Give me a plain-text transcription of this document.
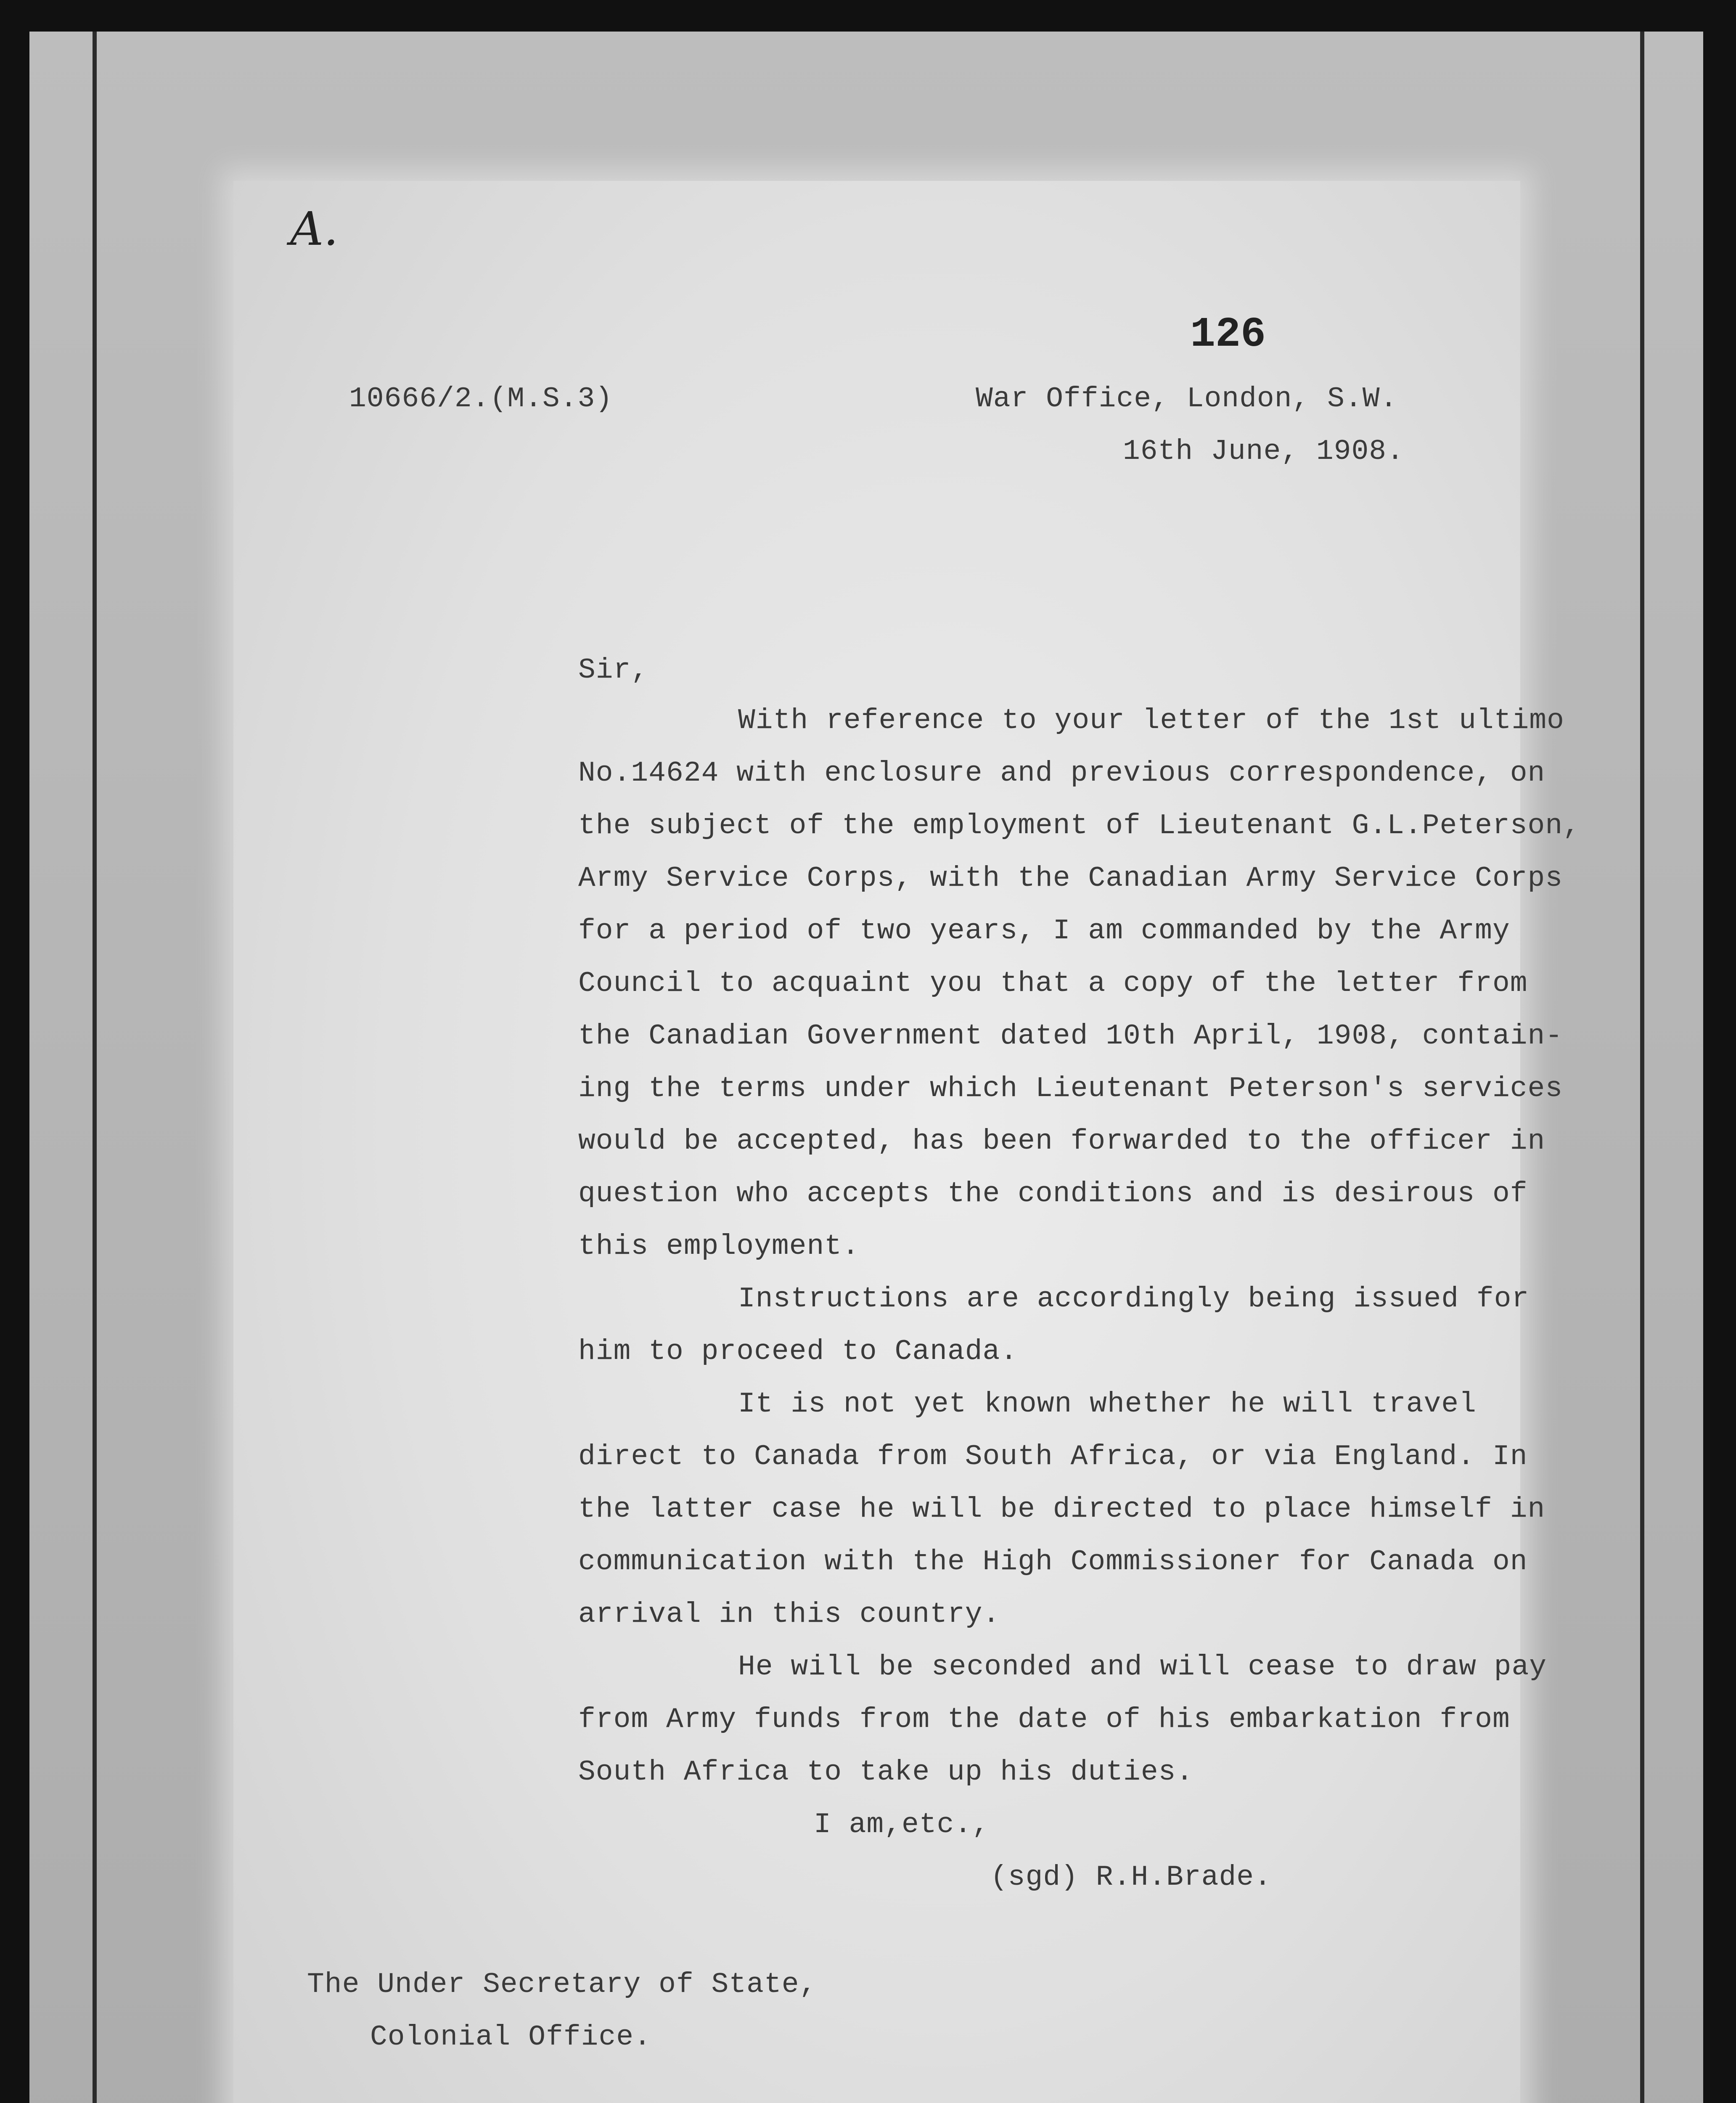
A.
126
10666/2.(M.S.3)	War Office, London, S.W.
16th June, 1908.
Sir,
With reference to your letter of the 1st ultimo
No.14624 with enclosure and previous correspondence, on
the subject of the employment of Lieutenant G.L.Peterson,
Army Service Corps, with the Canadian Army Service Corps
for a period of two years, I am commanded by the Army
Council to acquaint you that a copy of the letter from
the Canadian Government dated 10th April, 1908, contain-
ing the terms under which Lieutenant Peterson's services
would be accepted, has been forwarded to the officer in
question who accepts the conditions and is desirous of
this employment.
Instructions are accordingly being issued for
him to proceed to Canada.
It is not yet known whether he will travel
direct to Canada from South Africa, or via England. In
the latter case he will be directed to place himself in
communication with the High Commissioner for Canada on
arrival in this country.
He will be seconded and will cease to draw pay
from Army funds from the date of his embarkation from
South Africa to take up his duties.
I am,etc.,
(sgd) R.H.Brade.
The Under Secretary of State,
Colonial Office.
